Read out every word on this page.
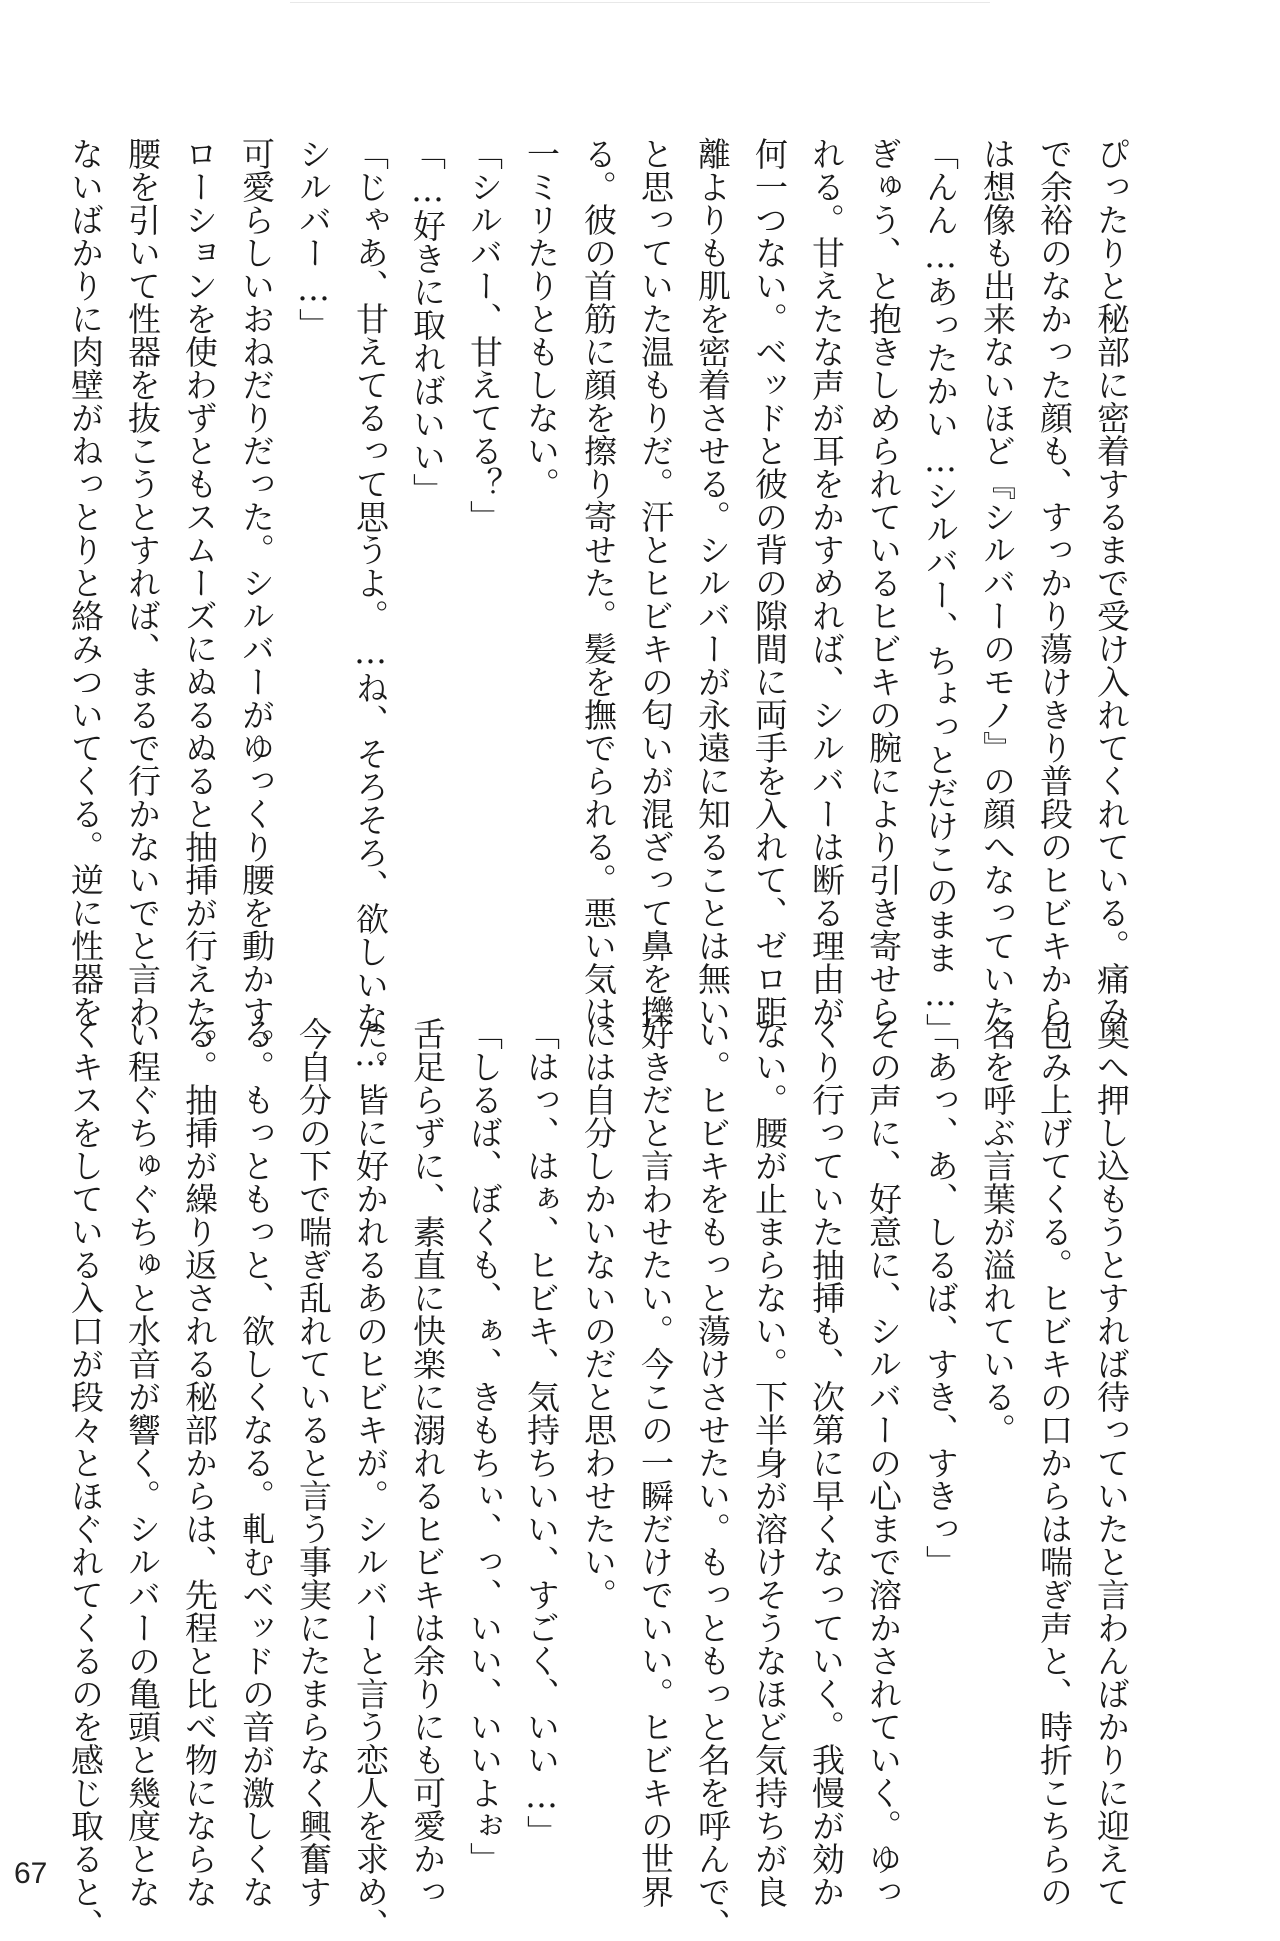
ぴったりと秘部に密着するまで受け入れてくれている。痛み

で余裕のなかった顔も、すっかり蕩けきり普段のヒビキから

は想像も出来ないほど『シルバーのモノ』の顔へなっていた。

「んん…あったかい…シルバー、ちょっとだけこのまま…」

ぎゅう、と抱きしめられているヒビキの腕により引き寄せら

れる。甘えたな声が耳をかすめれば、シルバーは断る理由が

何一つない。ベッドと彼の背の隙間に両手を入れて、ゼロ距

離よりも肌を密着させる。シルバーが永遠に知ることは無い

と思っていた温もりだ。汗とヒビキの匂いが混ざって鼻を擽

る。彼の首筋に顔を擦り寄せた。髪を撫でられる。悪い気は、

一ミリたりともしない。

「シルバー、甘えてる？」

「…好きに取ればいい」

「じゃあ、甘えてるって思うよ。…ね、そろそろ、欲しいな…

シルバー…」

可愛らしいおねだりだった。シルバーがゆっくり腰を動かす。

ローションを使わずともスムーズにぬるぬると抽挿が行えた。

腰を引いて性器を抜こうとすれば、まるで行かないでと言わ

ないばかりに肉壁がねっとりと絡みついてくる。逆に性器を

奥へ押し込もうとすれば待っていたと言わんばかりに迎えて

包み上げてくる。ヒビキの口からは喘ぎ声と、時折こちらの

名を呼ぶ言葉が溢れている。

「あっ、あ、しるば、すき、すきっ」

その声に、好意に、シルバーの心まで溶かされていく。ゆっ

くり行っていた抽挿も、次第に早くなっていく。我慢が効か

ない。腰が止まらない。下半身が溶けそうなほど気持ちが良

い。ヒビキをもっと蕩けさせたい。もっともっと名を呼んで、

好きだと言わせたい。今この一瞬だけでいい。ヒビキの世界

には自分しかいないのだと思わせたい。

「はっ、はぁ、ヒビキ、気持ちいい、すごく、いい…」

「しるば、ぼくも、ぁ、きもちぃ、っ、いい、いいよぉ」

舌足らずに、素直に快楽に溺れるヒビキは余りにも可愛かっ

た。皆に好かれるあのヒビキが。シルバーと言う恋人を求め、

今自分の下で喘ぎ乱れていると言う事実にたまらなく興奮す

る。もっともっと、欲しくなる。軋むベッドの音が激しくな

る。抽挿が繰り返される秘部からは、先程と比べ物にならな

い程ぐちゅぐちゅと水音が響く。シルバーの亀頭と幾度とな

くキスをしている入口が段々とほぐれてくるのを感じ取ると、

67
